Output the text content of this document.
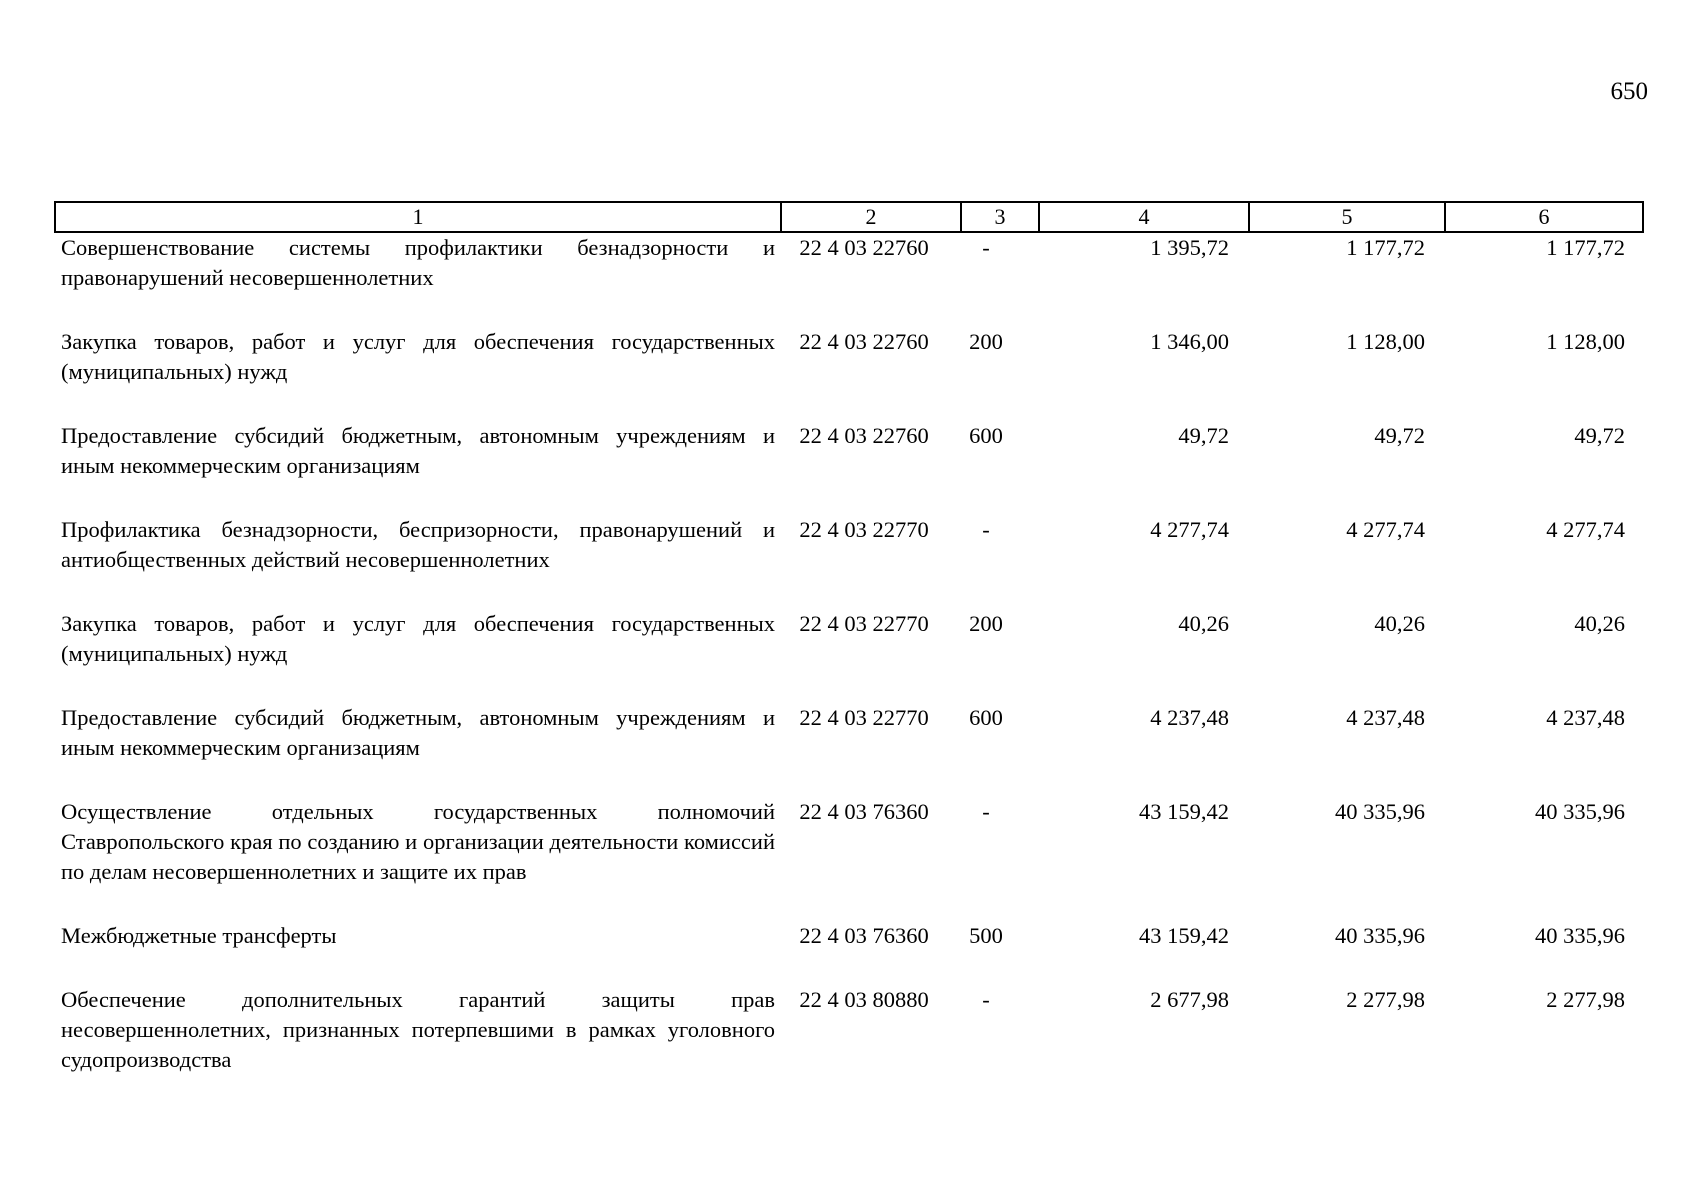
650
1	2	3	4	5	6
Совершенствование системы профилактики безнадзорности и правонарушений несовершеннолетних	22 4 03 22760	-	1 395,72	1 177,72	1 177,72
Закупка товаров, работ и услуг для обеспечения государственных (муниципальных) нужд	22 4 03 22760	200	1 346,00	1 128,00	1 128,00
Предоставление субсидий бюджетным, автономным учреждениям и иным некоммерческим организациям	22 4 03 22760	600	49,72	49,72	49,72
Профилактика безнадзорности, беспризорности, правонарушений и антиобщественных действий несовершеннолетних	22 4 03 22770	-	4 277,74	4 277,74	4 277,74
Закупка товаров, работ и услуг для обеспечения государственных (муниципальных) нужд	22 4 03 22770	200	40,26	40,26	40,26
Предоставление субсидий бюджетным, автономным учреждениям и иным некоммерческим организациям	22 4 03 22770	600	4 237,48	4 237,48	4 237,48
Осуществление отдельных государственных полномочий Ставропольского края по созданию и организации деятельности комиссий по делам несовершеннолетних и защите их прав	22 4 03 76360	-	43 159,42	40 335,96	40 335,96
Межбюджетные трансферты	22 4 03 76360	500	43 159,42	40 335,96	40 335,96
Обеспечение дополнительных гарантий защиты прав несовершеннолетних, признанных потерпевшими в рамках уголовного судопроизводства	22 4 03 80880	-	2 677,98	2 277,98	2 277,98
